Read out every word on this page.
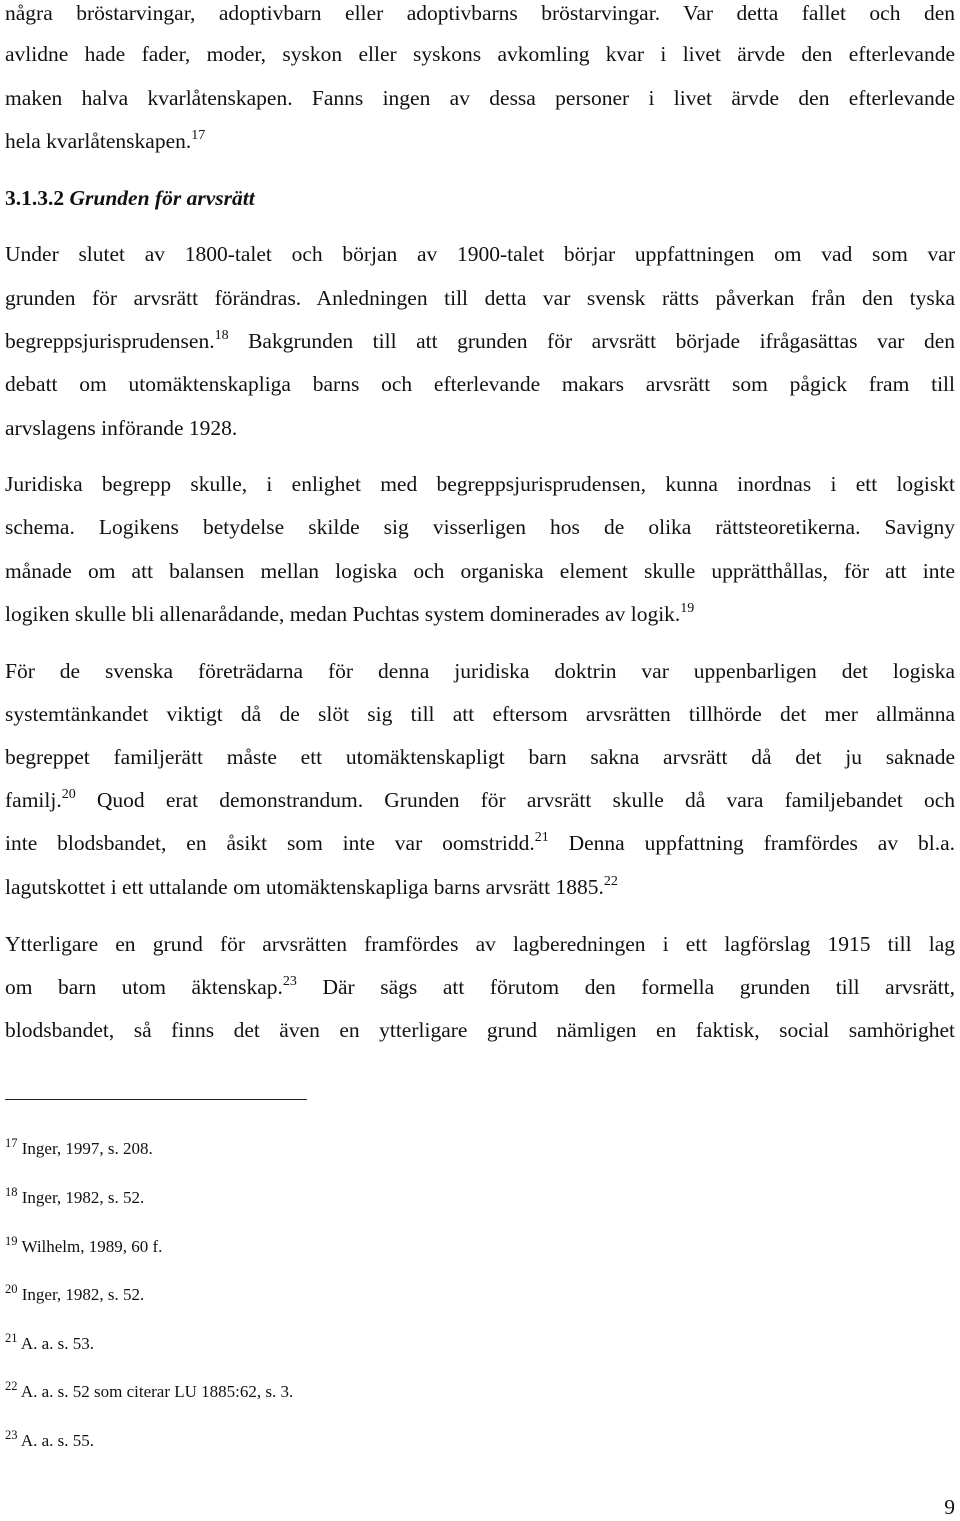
några bröstarvingar, adoptivbarn eller adoptivbarns bröstarvingar. Var detta fallet och den
avlidne hade fader, moder, syskon eller syskons avkomling kvar i livet ärvde den efterlevande
maken halva kvarlåtenskapen. Fanns ingen av dessa personer i livet ärvde den efterlevande
hela kvarlåtenskapen.$^{17}$
3.1.3.2 Grunden för arvsrätt
Under slutet av 1800-talet och början av 1900-talet börjar uppfattningen om vad som var
grunden för arvsrätt förändras. Anledningen till detta var svensk rätts påverkan från den tyska
begreppsjurisprudensen.$^{18}$ Bakgrunden till att grunden för arvsrätt började ifrågasättas var den
debatt om utomäktenskapliga barns och efterlevande makars arvsrätt som pågick fram till
arvslagens införande 1928.
Juridiska begrepp skulle, i enlighet med begreppsjurisprudensen, kunna inordnas i ett logiskt
schema. Logikens betydelse skilde sig visserligen hos de olika rättsteoretikerna. Savigny
månade om att balansen mellan logiska och organiska element skulle upprätthållas, för att inte
logiken skulle bli allenarådande, medan Puchtas system dominerades av logik.$^{19}$
För de svenska företrädarna för denna juridiska doktrin var uppenbarligen det logiska
systemtänkandet viktigt då de slöt sig till att eftersom arvsrätten tillhörde det mer allmänna
begreppet familjerätt måste ett utomäktenskapligt barn sakna arvsrätt då det ju saknade
familj.$^{20}$ Quod erat demonstrandum. Grunden för arvsrätt skulle då vara familjebandet och
inte blodsbandet, en åsikt som inte var oomstridd.$^{21}$ Denna uppfattning framfördes av bl.a.
lagutskottet i ett uttalande om utomäktenskapliga barns arvsrätt 1885.22
Ytterligare en grund för arvsrätten framfördes av lagberedningen i ett lagförslag 1915 till lag
om barn utom äktenskap.$^{23}$ Där sägs att förutom den formella grunden till arvsrätt,
blodsbandet, så finns det även en ytterligare grund nämligen en faktisk, social samhörighet
$^{17}$ Inger, 1997, s. 208.
$^{18}$ Inger, 1982, s. 52.
$^{19}$ Wilhelm, 1989, 60 f.
$^{20}$ Inger, 1982, s. 52.
$^{21}$ A. a. s. 53.
$^{22}$ A. a. s. 52 som citerar LU 1885:62, s. 3.
$^{23}$ A. a. s. 55.
9
